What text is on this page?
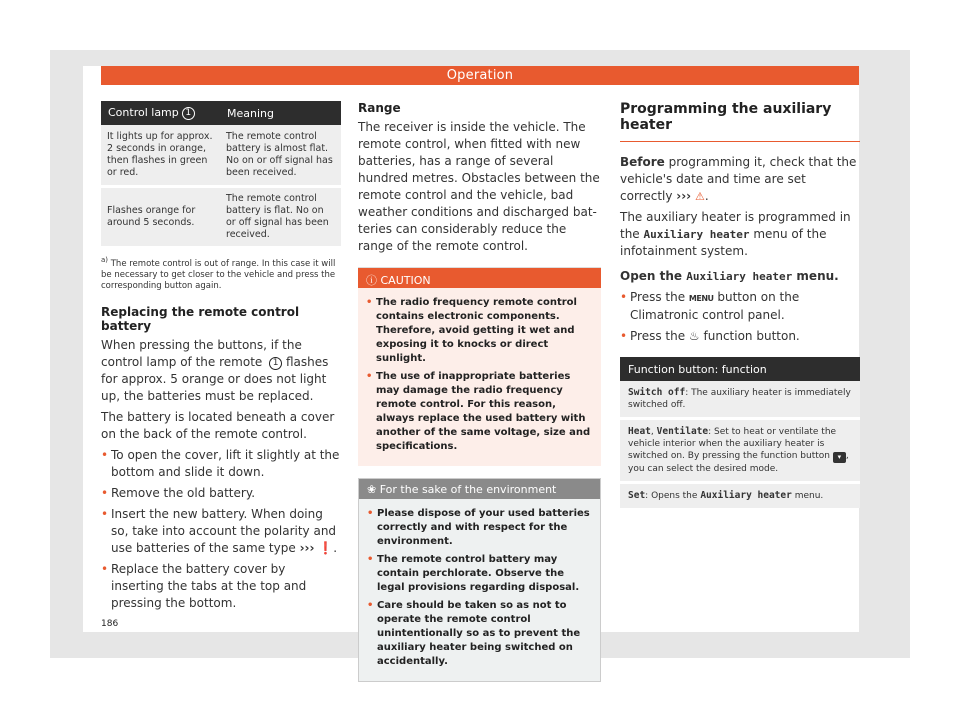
Operation
Control lamp 1	Meaning
It lights up for approx. 2 seconds in orange, then flashes in green or red.	The remote control battery is almost flat. No on or off signal has been received.

Flashes orange for around 5 seconds.	The remote control battery is flat. No on or off signal has been received.
$^{a)}$ The remote control is out of range. In this case it will be necessary to get closer to the vehicle and press the corresponding button again.
Replacing the remote control battery

When pressing the buttons, if the control lamp of the remote 1 flashes for approx. 5 orange or does not light up, the batteries must be replaced.

The battery is located beneath a cover on the back of the remote control.

• To open the cover, lift it slightly at the bottom and slide it down.

• Remove the old battery.

• Insert the new battery. When doing so, take into account the polarity and use batteries of the same type ››› ❗.

• Replace the battery cover by inserting the tabs at the top and pressing the bottom.

Range

The receiver is inside the vehicle. The remote control, when fitted with new batteries, has a range of several hundred metres. Obstacles between the remote control and the vehicle, bad weather conditions and discharged batteries can considerably reduce the range of the remote control.

ⓘ CAUTION
• The radio frequency remote control contains electronic components. Therefore, avoid getting it wet and exposing it to knocks or direct sunlight.
• The use of inappropriate batteries may damage the radio frequency remote control. For this reason, always replace the used battery with another of the same voltage, size and specifications.
❀ For the sake of the environment
• Please dispose of your used batteries correctly and with respect for the environment.
• The remote control battery may contain perchlorate. Observe the legal provisions regarding disposal.
• Care should be taken so as not to operate the remote control unintentionally so as to prevent the auxiliary heater being switched on accidentally.
Programming the auxiliary heater

Before programming it, check that the vehicle's date and time are set correctly ››› ⚠.

The auxiliary heater is programmed in the Auxiliary heater menu of the infotainment system.

Open the Auxiliary heater menu.

• Press the MENU button on the Climatronic control panel.

• Press the ♨ function button.

Function button: function
Switch off: The auxiliary heater is immediately switched off.

Heat, Ventilate: Set to heat or ventilate the vehicle interior when the auxiliary heater is switched on. By pressing the function button ▾ , you can select the desired mode.

Set: Opens the Auxiliary heater menu.
186
